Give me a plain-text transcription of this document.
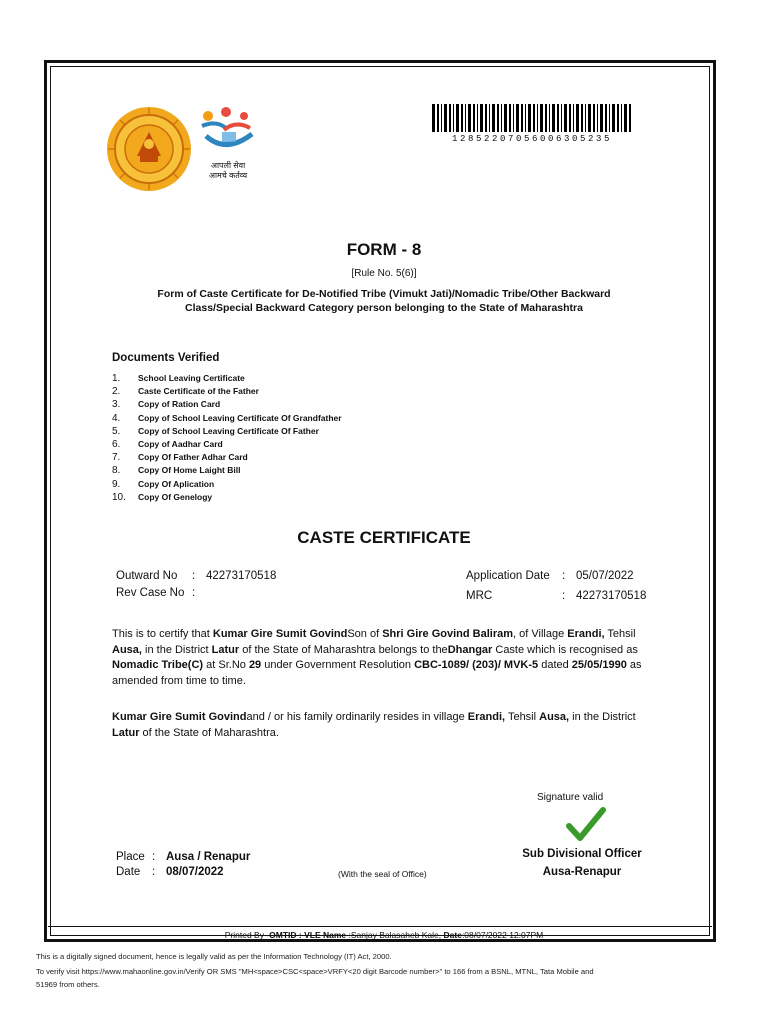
आपली सेवा
आमचे कर्तव्य
12852207056006305235
FORM - 8
[Rule No. 5(6)]
Form of Caste Certificate for De-Notified Tribe (Vimukt Jati)/Nomadic Tribe/Other Backward
Class/Special Backward Category person belonging to the State of Maharashtra
Documents Verified
1.	School Leaving Certificate
2.	Caste Certificate of the Father
3.	Copy of Ration Card
4.	Copy of School Leaving Certificate Of Grandfather
5.	Copy of School Leaving Certificate Of Father
6.	Copy of Aadhar Card
7.	Copy Of Father Adhar Card
8.	Copy Of Home Laight Bill
9.	Copy Of Aplication
10.	Copy Of Genelogy
CASTE CERTIFICATE
Outward No : 42273170518
Rev Case No :
Application Date : 05/07/2022
MRC	: 42273170518
This is to certify that Kumar Gire Sumit GovindSon of Shri Gire Govind Baliram, of Village Erandi, Tehsil Ausa, in the District Latur of the State of Maharashtra belongs to theDhangar Caste which is recognised as Nomadic Tribe(C) at Sr.No 29 under Government Resolution CBC-1089/ (203)/ MVK-5 dated 25/05/1990 as amended from time to time.
Kumar Gire Sumit Govindand / or his family ordinarily resides in village Erandi, Tehsil Ausa, in the District Latur of the State of Maharashtra.
Signature valid
Sub Divisional Officer
Ausa-Renapur
Place : Ausa / Renapur
Date : 08/07/2022	(With the seal of Office)
Printed By -OMTID : VLE Name :Sanjay Balasaheb Kale, Date:08/07/2022 12:07PM
This is a digitally signed document, hence is legally valid as per the Information Technology (IT) Act, 2000.
To verify visit https://www.mahaonline.gov.in/Verify OR SMS "MH<space>CSC<space>VRFY<20 digit Barcode number>" to 166 from a BSNL, MTNL, Tata Mobile and
51969 from others.
